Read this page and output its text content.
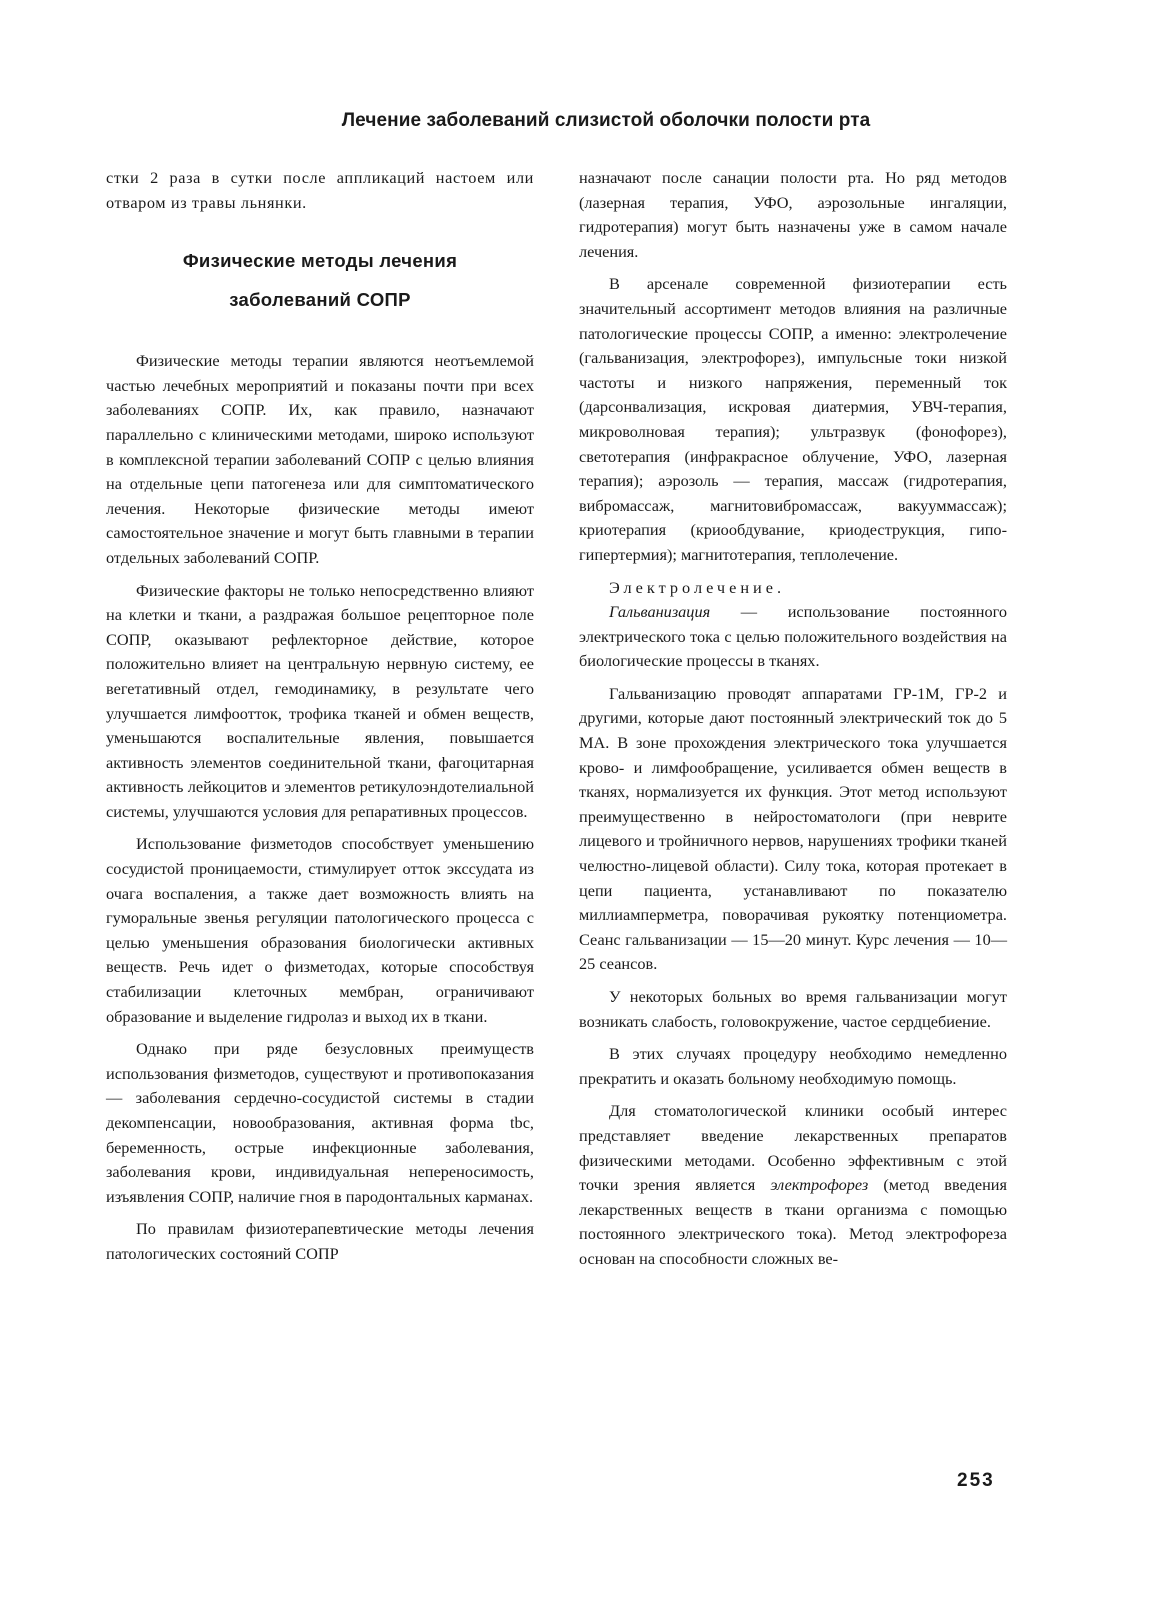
Лечение заболеваний слизистой оболочки полости рта

стки 2 раза в сутки после аппликаций настоем или отваром из травы льнянки.

Физические методы лечения
заболеваний СОПР

Физические методы терапии являются неотъемлемой частью лечебных мероприятий и показаны почти при всех заболеваниях СОПР. Их, как правило, назначают параллельно с клиническими методами, широко используют в комплексной терапии заболеваний СОПР с целью влияния на отдельные цепи патогенеза или для симптоматического лечения. Некоторые физические методы имеют самостоятельное значение и могут быть главными в терапии отдельных заболеваний СОПР.

Физические факторы не только непосредственно влияют на клетки и ткани, а раздражая большое рецепторное поле СОПР, оказывают рефлекторное действие, которое положительно влияет на центральную нервную систему, ее вегетативный отдел, гемодинамику, в результате чего улучшается лимфоотток, трофика тканей и обмен веществ, уменьшаются воспалительные явления, повышается активность элементов соединительной ткани, фагоцитарная активность лейкоцитов и элементов ретикулоэндотелиальной системы, улучшаются условия для репаративных процессов.

Использование физметодов способствует уменьшению сосудистой проницаемости, стимулирует отток экссудата из очага воспаления, а также дает возможность влиять на гуморальные звенья регуляции патологического процесса с целью уменьшения образования биологически активных веществ. Речь идет о физметодах, которые способствуя стабилизации клеточных мембран, ограничивают образование и выделение гидролаз и выход их в ткани.

Однако при ряде безусловных преимуществ использования физметодов, существуют и противопоказания — заболевания сердечно-сосудистой системы в стадии декомпенсации, новообразования, активная форма tbc, беременность, острые инфекционные заболевания, заболевания крови, индивидуальная непереносимость, изъявления СОПР, наличие гноя в пародонтальных карманах.

По правилам физиотерапевтические методы лечения патологических состояний СОПР

назначают после санации полости рта. Но ряд методов (лазерная терапия, УФО, аэрозольные ингаляции, гидротерапия) могут быть назначены уже в самом начале лечения.

В арсенале современной физиотерапии есть значительный ассортимент методов влияния на различные патологические процессы СОПР, а именно: электролечение (гальванизация, электрофорез), импульсные токи низкой частоты и низкого напряжения, переменный ток (дарсонвализация, искровая диатермия, УВЧ-терапия, микроволновая терапия); ультразвук (фонофорез), светотерапия (инфракрасное облучение, УФО, лазерная терапия); аэрозоль — терапия, массаж (гидротерапия, вибромассаж, магнитовибромассаж, вакууммассаж); криотерапия (криообдувание, криодеструкция, гипо-гипертермия); магнитотерапия, теплолечение.

Электролечение.

Гальванизация — использование постоянного электрического тока с целью положительного воздействия на биологические процессы в тканях.

Гальванизацию проводят аппаратами ГР-1М, ГР-2 и другими, которые дают постоянный электрический ток до 5 МА. В зоне прохождения электрического тока улучшается крово- и лимфообращение, усиливается обмен веществ в тканях, нормализуется их функция. Этот метод используют преимущественно в нейростоматологи (при неврите лицевого и тройничного нервов, нарушениях трофики тканей челюстно-лицевой области). Силу тока, которая протекает в цепи пациента, устанавливают по показателю миллиамперметра, поворачивая рукоятку потенциометра. Сеанс гальванизации — 15—20 минут. Курс лечения — 10—25 сеансов.

У некоторых больных во время гальванизации могут возникать слабость, головокружение, частое сердцебиение.

В этих случаях процедуру необходимо немедленно прекратить и оказать больному необходимую помощь.

Для стоматологической клиники особый интерес представляет введение лекарственных препаратов физическими методами. Особенно эффективным с этой точки зрения является электрофорез (метод введения лекарственных веществ в ткани организма с помощью постоянного электрического тока). Метод электрофореза основан на способности сложных ве-

253
